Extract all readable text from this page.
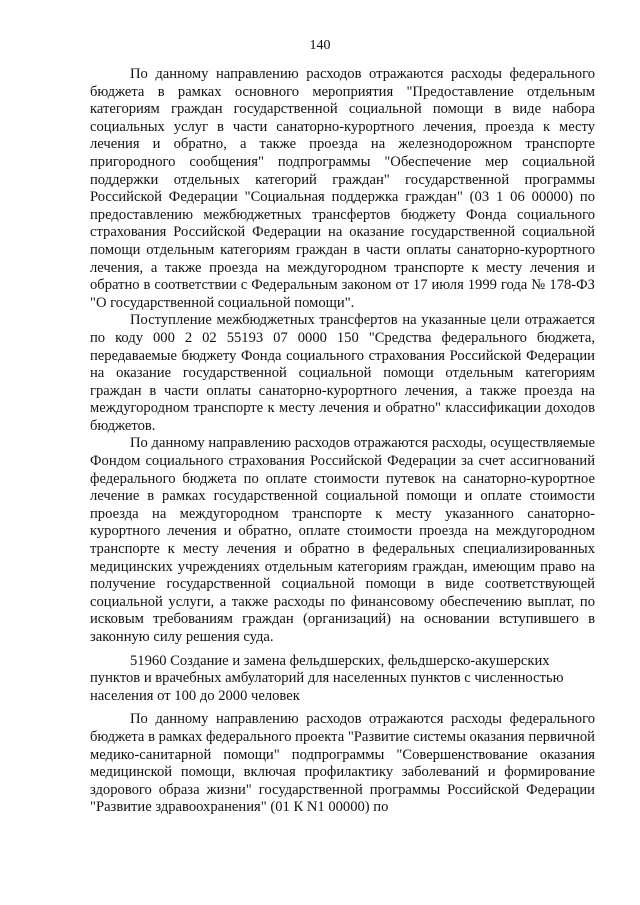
140

По данному направлению расходов отражаются расходы федерального бюджета в рамках основного мероприятия "Предоставление отдельным категориям граждан государственной социальной помощи в виде набора социальных услуг в части санаторно-курортного лечения, проезда к месту лечения и обратно, а также проезда на железнодорожном транспорте пригородного сообщения" подпрограммы "Обеспечение мер социальной поддержки отдельных категорий граждан" государственной программы Российской Федерации "Социальная поддержка граждан" (03 1 06 00000) по предоставлению межбюджетных трансфертов бюджету Фонда социального страхования Российской Федерации на оказание государственной социальной помощи отдельным категориям граждан в части оплаты санаторно-курортного лечения, а также проезда на междугородном транспорте к месту лечения и обратно в соответствии с Федеральным законом от 17 июля 1999 года № 178-ФЗ "О государственной социальной помощи".

Поступление межбюджетных трансфертов на указанные цели отражается по коду 000 2 02 55193 07 0000 150 "Средства федерального бюджета, передаваемые бюджету Фонда социального страхования Российской Федерации на оказание государственной социальной помощи отдельным категориям граждан в части оплаты санаторно-курортного лечения, а также проезда на междугородном транспорте к месту лечения и обратно" классификации доходов бюджетов.

По данному направлению расходов отражаются расходы, осуществляемые Фондом социального страхования Российской Федерации за счет ассигнований федерального бюджета по оплате стоимости путевок на санаторно-курортное лечение в рамках государственной социальной помощи и оплате стоимости проезда на междугородном транспорте к месту указанного санаторно-курортного лечения и обратно, оплате стоимости проезда на междугородном транспорте к месту лечения и обратно в федеральных специализированных медицинских учреждениях отдельным категориям граждан, имеющим право на получение государственной социальной помощи в виде соответствующей социальной услуги, а также расходы по финансовому обеспечению выплат, по исковым требованиям граждан (организаций) на основании вступившего в законную силу решения суда.

51960 Создание и замена фельдшерских, фельдшерско-акушерских пунктов и врачебных амбулаторий для населенных пунктов с численностью населения от 100 до 2000 человек

По данному направлению расходов отражаются расходы федерального бюджета в рамках федерального проекта "Развитие системы оказания первичной медико-санитарной помощи" подпрограммы "Совершенствование оказания медицинской помощи, включая профилактику заболеваний и формирование здорового образа жизни" государственной программы Российской Федерации "Развитие здравоохранения" (01 К N1 00000) по
